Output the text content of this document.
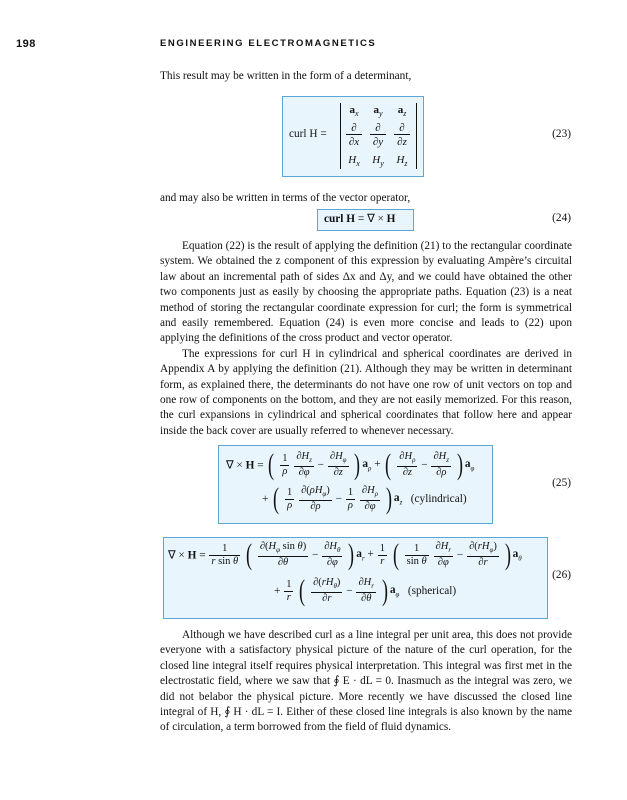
198	ENGINEERING ELECTROMAGNETICS
This result may be written in the form of a determinant,
curl H =
$a_x$	$a_y$	$a_z$
∂	∂	∂
∂x	∂y	∂z
$H_x$	$H_y$	$H_z$
(23)
and may also be written in terms of the vector operator,
curl H = ∇ × H	(24)

Equation (22) is the result of applying the definition (21) to the rectangular coordinate system. We obtained the z component of this expression by evaluating Ampère’s circuital law about an incremental path of sides Δx and Δy, and we could have obtained the other two components just as easily by choosing the appropriate paths. Equation (23) is a neat method of storing the rectangular coordinate expression for curl; the form is symmetrical and easily remembered. Equation (24) is even more concise and leads to (22) upon applying the definitions of the cross product and vector operator.

The expressions for curl H in cylindrical and spherical coordinates are derived in Appendix A by applying the definition (21). Although they may be written in determinant form, as explained there, the determinants do not have one row of unit vectors on top and one row of components on the bottom, and they are not easily memorized. For this reason, the curl expansions in cylindrical and spherical coordinates that follow here and appear inside the back cover are usually referred to whenever necessary.

∇ × H = ( $\frac{1}{\rho}$
$\frac{\partial H_z}{\partial\varphi} - \frac{\partial H_\varphi}{\partial z}$ ) $a_\rho$ + ( $\frac{\partial H_\rho}{\partial z} - \frac{\partial H_z}{\partial\rho}$ ) $a_\varphi$
+ ( $\frac{1}{\rho}$
$\frac{\partial(\rho H_\varphi)}{\partial\rho} - \frac{1}{\rho}$
$\frac{\partial H_\rho}{\partial\varphi}$ ) $a_z$ (cylindrical)
(25)
∇ × $H = \frac{1}{\text{r sin θ}}$ ( $\frac{\partial(H_\varphi \sin \theta)}{\partial\theta} - \frac{\partial H_\theta}{\partial\varphi}$ ) $a_r + \frac{1}{r}$ ( $\frac{1}{\text{sin θ}}$
$\frac{\partial H_r}{\partial\varphi} - \frac{\partial(rH_\varphi)}{\partial r}$ ) $a_\theta$
+ $\frac{1}{r}$ ( $\frac{\partial(rH_\theta)}{\partial r} - \frac{\partial H_r}{\partial\theta}$ ) $a_\varphi$ (spherical)
(26)

Although we have described curl as a line integral per unit area, this does not provide everyone with a satisfactory physical picture of the nature of the curl operation, for the closed line integral itself requires physical interpretation. This integral was first met in the electrostatic field, where we saw that ∮ E · dL = 0. Inasmuch as the integral was zero, we did not belabor the physical picture. More recently we have discussed the closed line integral of H, ∮ H · dL = I. Either of these closed line integrals is also known by the name of circulation, a term borrowed from the field of fluid dynamics.
